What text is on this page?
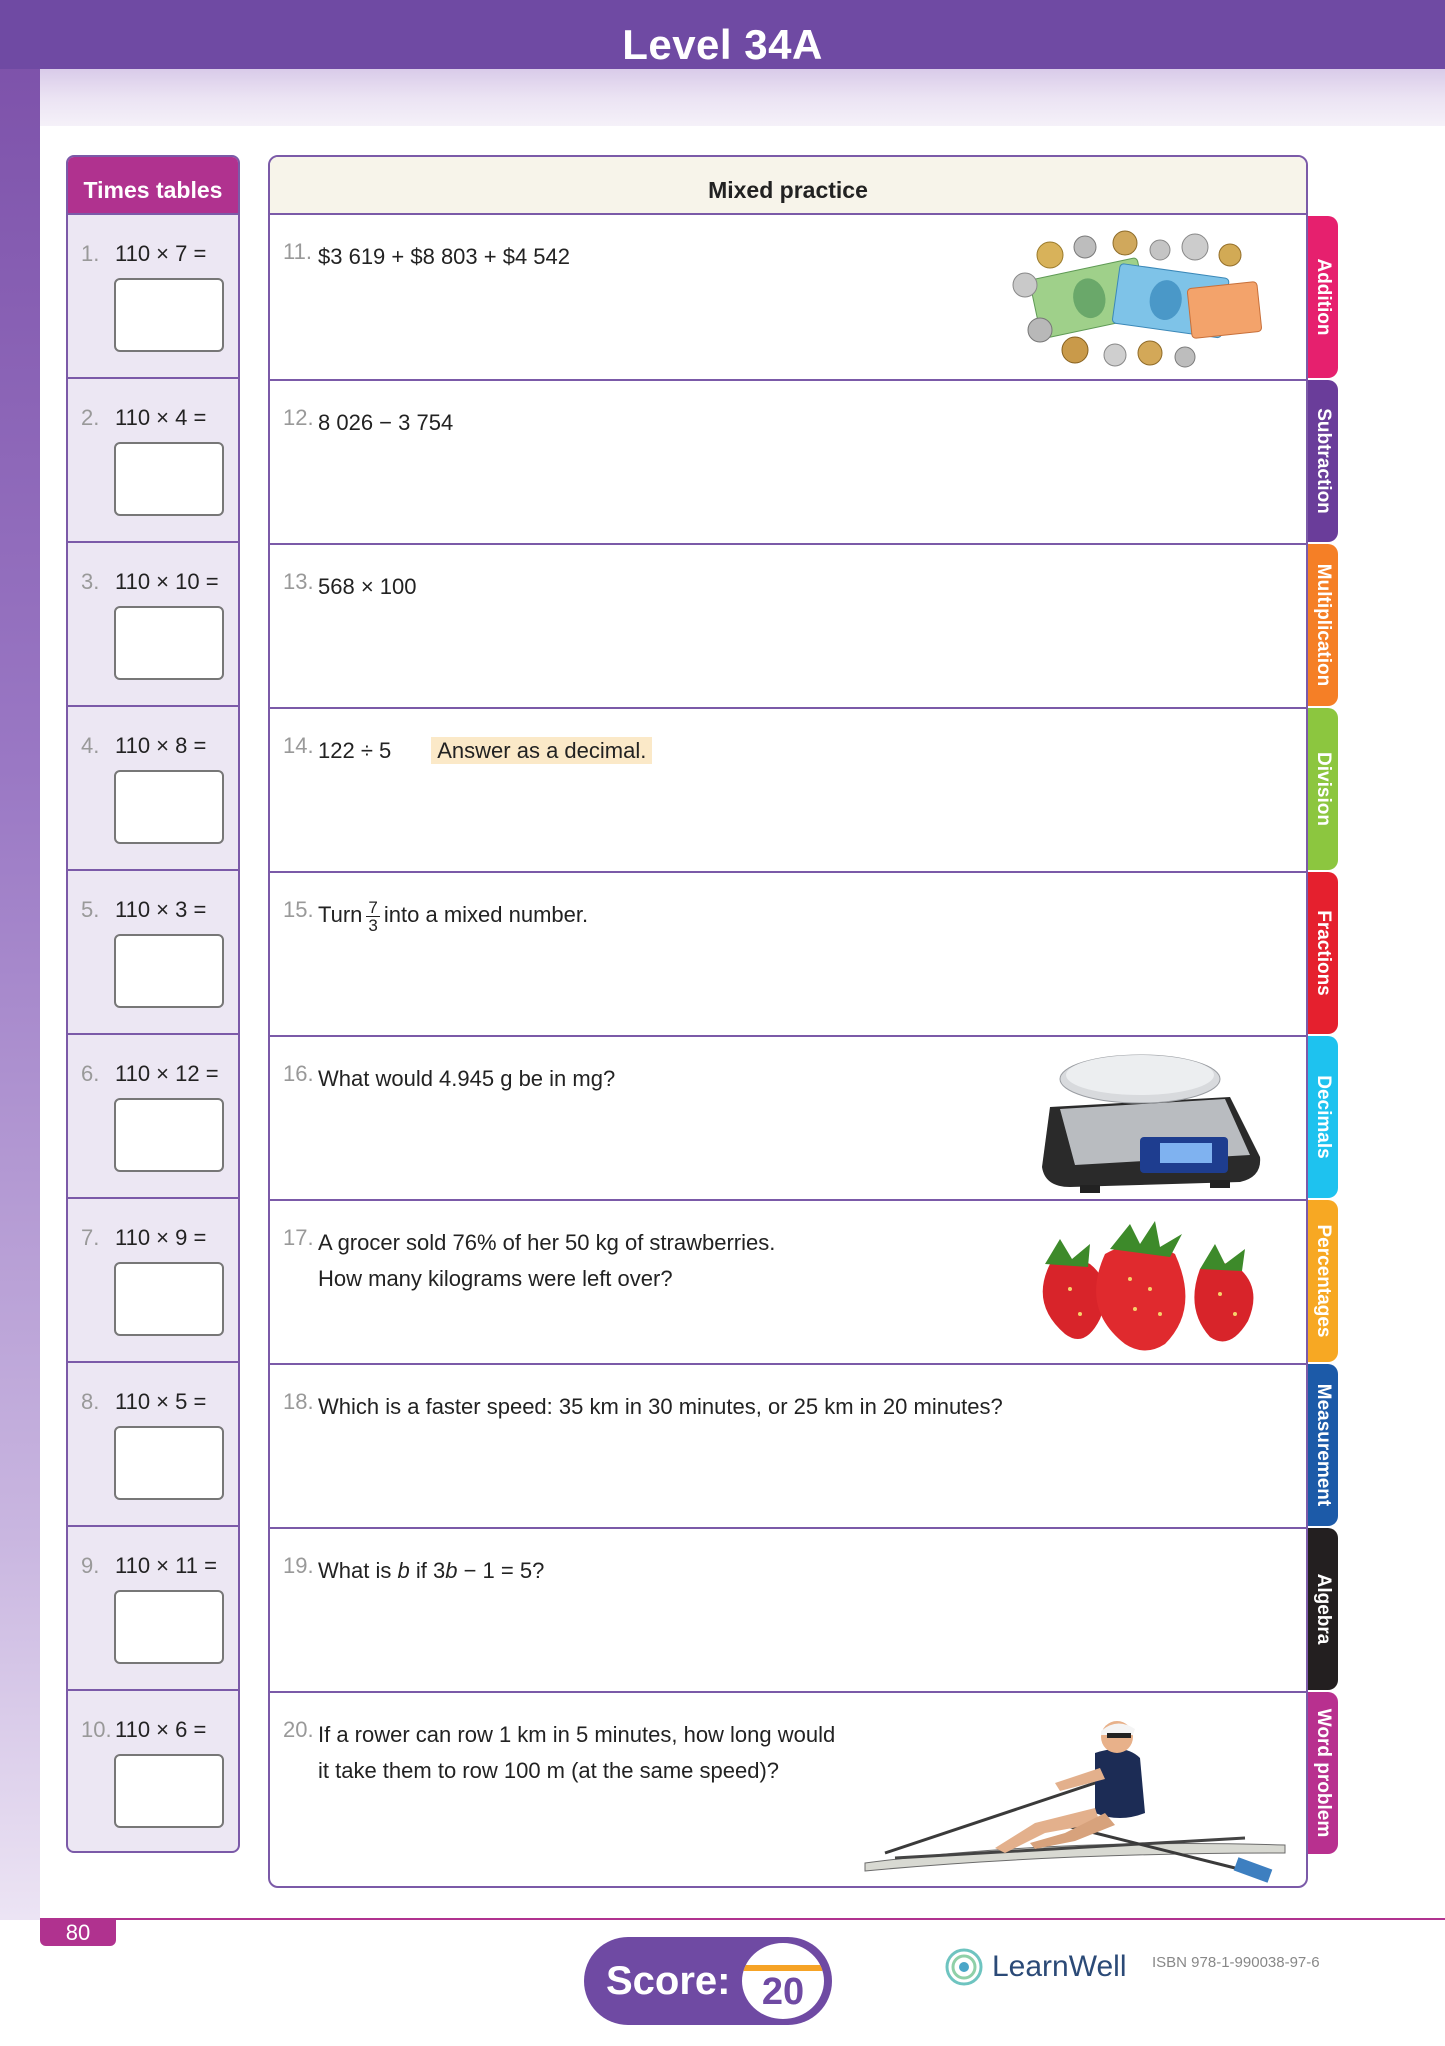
Level 34A
Times tables
1. 110 × 7 =
2. 110 × 4 =
3. 110 × 10 =
4. 110 × 8 =
5. 110 × 3 =
6. 110 × 12 =
7. 110 × 9 =
8. 110 × 5 =
9. 110 × 11 =
10. 110 × 6 =
Mixed practice
11. $3 619 + $8 803 + $4 542
12. 8 026 − 3 754
13. 568 × 100
14. 122 ÷ 5 Answer as a decimal.
15. Turn $\frac{7}{3}$ into a mixed number.
16. What would 4.945 g be in mg?
17. A grocer sold 76% of her 50 kg of strawberries.
How many kilograms were left over?
18. Which is a faster speed: 35 km in 30 minutes, or 25 km in 20 minutes?
19. What is b if 3b − 1 = 5?
20. If a rower can row 1 km in 5 minutes, how long would
it take them to row 100 m (at the same speed)?
Addition
Subtraction
Multiplication
Division
Fractions
Decimals
Percentages
Measurement
Algebra
Word problem
80
Score: 20
LearnWell ISBN 978-1-990038-97-6
